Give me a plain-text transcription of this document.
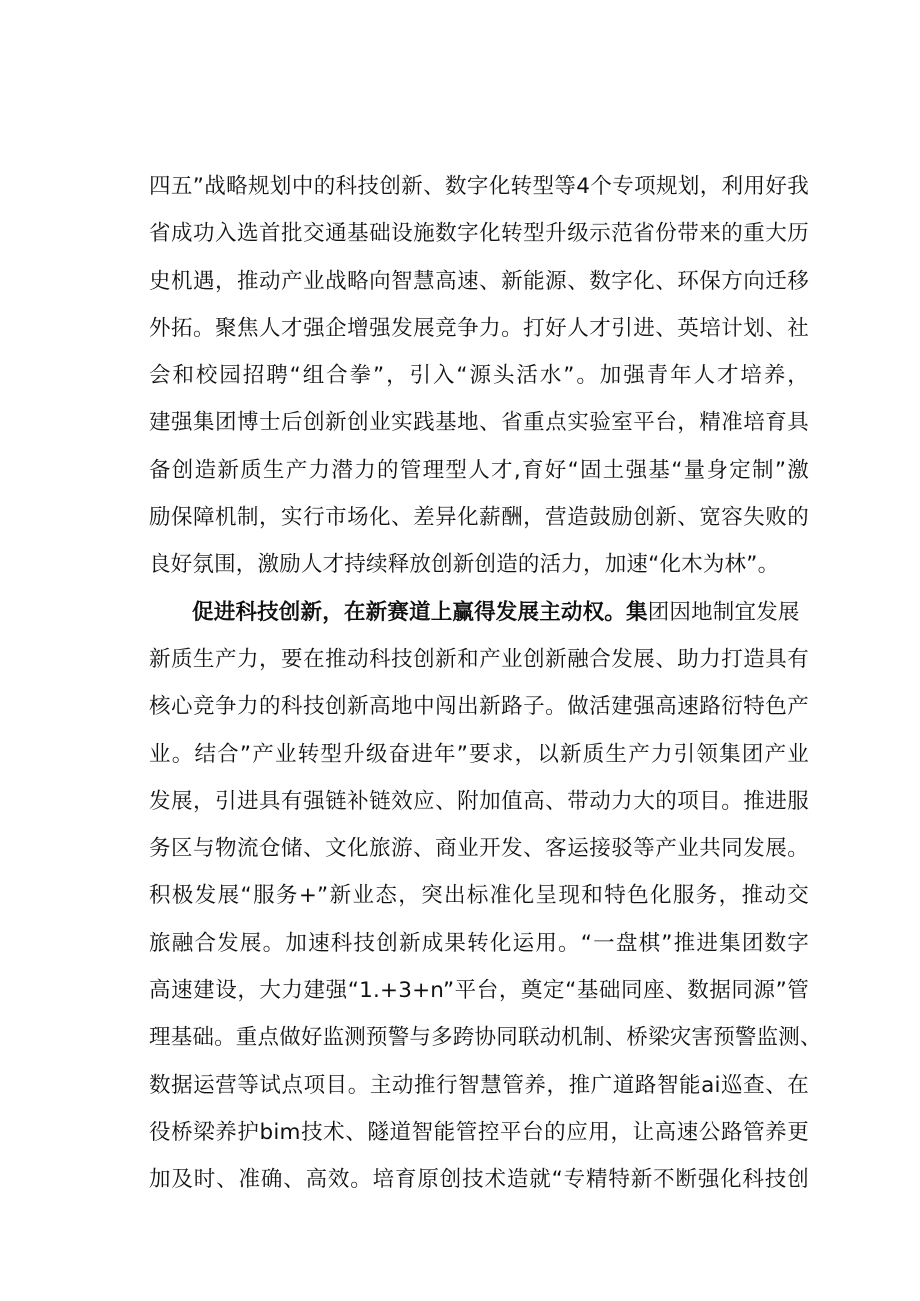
四五”战略规划中的科技创新、数字化转型等4个专项规划，利用好我
省成功入选首批交通基础设施数字化转型升级示范省份带来的重大历
史机遇，推动产业战略向智慧高速、新能源、数字化、环保方向迁移
外拓。聚焦人才强企增强发展竞争力。打好人才引进、英培计划、社
会和校园招聘“组合拳”，引入“源头活水”。加强青年人才培养，
建强集团博士后创新创业实践基地、省重点实验室平台，精准培育具
备创造新质生产力潜力的管理型人才,育好“固土强基“量身定制”激
励保障机制，实行市场化、差异化薪酬，营造鼓励创新、宽容失败的
良好氛围，激励人才持续释放创新创造的活力，加速“化木为林”。
促进科技创新，在新赛道上赢得发展主动权。集团因地制宜发展
新质生产力，要在推动科技创新和产业创新融合发展、助力打造具有
核心竞争力的科技创新高地中闯出新路子。做活建强高速路衍特色产
业。结合”产业转型升级奋进年”要求，以新质生产力引领集团产业
发展，引进具有强链补链效应、附加值高、带动力大的项目。推进服
务区与物流仓储、文化旅游、商业开发、客运接驳等产业共同发展。
积极发展“服务+”新业态，突出标准化呈现和特色化服务，推动交
旅融合发展。加速科技创新成果转化运用。“一盘棋”推进集团数字
高速建设，大力建强“1.+3+n”平台，奠定“基础同座、数据同源”管
理基础。重点做好监测预警与多跨协同联动机制、桥梁灾害预警监测、
数据运营等试点项目。主动推行智慧管养，推广道路智能ai巡查、在
役桥梁养护bim技术、隧道智能管控平台的应用，让高速公路管养更
加及时、准确、高效。培育原创技术造就“专精特新不断强化科技创
